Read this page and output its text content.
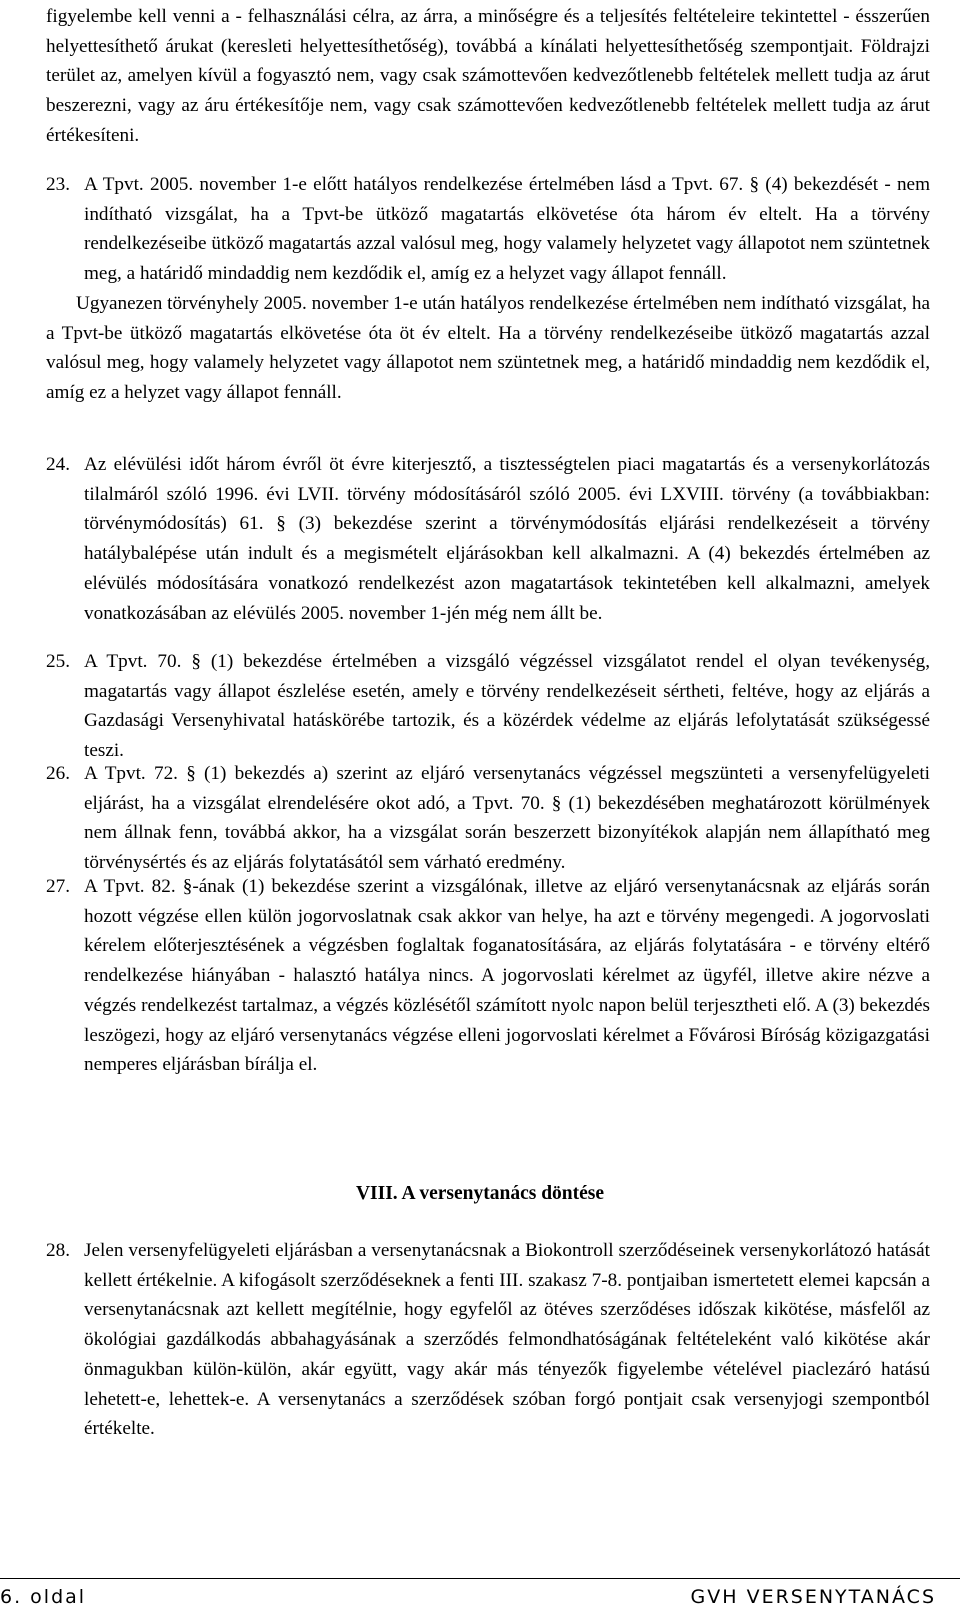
figyelembe kell venni a - felhasználási célra, az árra, a minőségre és a teljesítés feltételeire tekintettel - ésszerűen helyettesíthető árukat (keresleti helyettesíthetőség), továbbá a kínálati helyettesíthetőség szempontjait. Földrajzi terület az, amelyen kívül a fogyasztó nem, vagy csak számottevően kedvezőtlenebb feltételek mellett tudja az árut beszerezni, vagy az áru értékesítője nem, vagy csak számottevően kedvezőtlenebb feltételek mellett tudja az árut értékesíteni.
23. A Tpvt. 2005. november 1-e előtt hatályos rendelkezése értelmében lásd a Tpvt. 67. § (4) bekezdését - nem indítható vizsgálat, ha a Tpvt-be ütköző magatartás elkövetése óta három év eltelt. Ha a törvény rendelkezéseibe ütköző magatartás azzal valósul meg, hogy valamely helyzetet vagy állapotot nem szüntetnek meg, a határidő mindaddig nem kezdődik el, amíg ez a helyzet vagy állapot fennáll.
Ugyanezen törvényhely 2005. november 1-e után hatályos rendelkezése értelmében nem indítható vizsgálat, ha a Tpvt-be ütköző magatartás elkövetése óta öt év eltelt. Ha a törvény rendelkezéseibe ütköző magatartás azzal valósul meg, hogy valamely helyzetet vagy állapotot nem szüntetnek meg, a határidő mindaddig nem kezdődik el, amíg ez a helyzet vagy állapot fennáll.
24. Az elévülési időt három évről öt évre kiterjesztő, a tisztességtelen piaci magatartás és a versenykorlátozás tilalmáról szóló 1996. évi LVII. törvény módosításáról szóló 2005. évi LXVIII. törvény (a továbbiakban: törvénymódosítás) 61. § (3) bekezdése szerint a törvénymódosítás eljárási rendelkezéseit a törvény hatálybalépése után indult és a megismételt eljárásokban kell alkalmazni. A (4) bekezdés értelmében az elévülés módosítására vonatkozó rendelkezést azon magatartások tekintetében kell alkalmazni, amelyek vonatkozásában az elévülés 2005. november 1-jén még nem állt be.
25. A Tpvt. 70. § (1) bekezdése értelmében a vizsgáló végzéssel vizsgálatot rendel el olyan tevékenység, magatartás vagy állapot észlelése esetén, amely e törvény rendelkezéseit sértheti, feltéve, hogy az eljárás a Gazdasági Versenyhivatal hatáskörébe tartozik, és a közérdek védelme az eljárás lefolytatását szükségessé teszi.
26. A Tpvt. 72. § (1) bekezdés a) szerint az eljáró versenytanács végzéssel megszünteti a versenyfelügyeleti eljárást, ha a vizsgálat elrendelésére okot adó, a Tpvt. 70. § (1) bekezdésében meghatározott körülmények nem állnak fenn, továbbá akkor, ha a vizsgálat során beszerzett bizonyítékok alapján nem állapítható meg törvénysértés és az eljárás folytatásától sem várható eredmény.
27. A Tpvt. 82. §-ának (1) bekezdése szerint a vizsgálónak, illetve az eljáró versenytanácsnak az eljárás során hozott végzése ellen külön jogorvoslatnak csak akkor van helye, ha azt e törvény megengedi. A jogorvoslati kérelem előterjesztésének a végzésben foglaltak foganatosítására, az eljárás folytatására - e törvény eltérő rendelkezése hiányában - halasztó hatálya nincs. A jogorvoslati kérelmet az ügyfél, illetve akire nézve a végzés rendelkezést tartalmaz, a végzés közlésétől számított nyolc napon belül terjesztheti elő. A (3) bekezdés leszögezi, hogy az eljáró versenytanács végzése elleni jogorvoslati kérelmet a Fővárosi Bíróság közigazgatási nemperes eljárásban bírálja el.
VIII. A versenytanács döntése
28. Jelen versenyfelügyeleti eljárásban a versenytanácsnak a Biokontroll szerződéseinek versenykorlátozó hatását kellett értékelnie. A kifogásolt szerződéseknek a fenti III. szakasz 7-8. pontjaiban ismertetett elemei kapcsán a versenytanácsnak azt kellett megítélnie, hogy egyfelől az ötéves szerződéses időszak kikötése, másfelől az ökológiai gazdálkodás abbahagyásának a szerződés felmondhatóságának feltételeként való kikötése akár önmagukban külön-külön, akár együtt, vagy akár más tényezők figyelembe vételével piaclezáró hatású lehetett-e, lehettek-e. A versenytanács a szerződések szóban forgó pontjait csak versenyjogi szempontból értékelte.
6. oldal	GVH VERSENYTANÁCS
